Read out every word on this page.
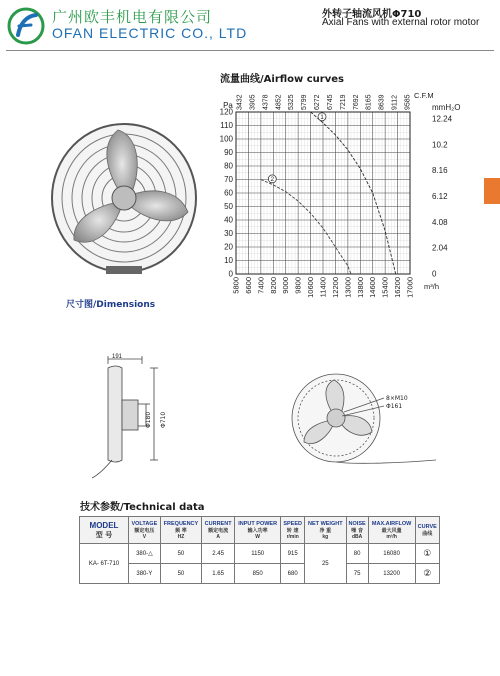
广州欧丰机电有限公司
OFAN ELECTRIC CO., LTD
外转子轴流风机Φ710
Axial Fans with external rotor motor
流量曲线/Airflow curves
120
110
100
90
80
70
60
50
40
30
20
10
0
Pa 3432 3905 4378 4852 5325 5799 6272 6745 7219 7692 8165 8639 9112 9585 C.F.M
5800 6600 7400 8200 9000 9800 10600 11400 12200 13000 13800 14600 15400 16200 17000 m³/h
12.24
10.2
8.16
6.12
4.08
2.04
0
mmH₂O
1
2
尺寸图/Dimensions
191
Φ180 Φ710
8×M10
Φ161
技术参数/Technical data
MODEL
型 号	VOLTAGE
额定电压
V	FREQUENCY
频 率
HZ	CURRENT
额定电流
A	INPUT POWER
输入功率
W	SPEED
转 速
r/min	NET WEIGHT
净 重
kg	NOISE
噪 音
dBA	MAX.AIRFLOW
最大风量
m³/h	CURVE
曲线

KA- 6T-710	380-△	50	2.45	1150	915	25	80	16080	①
	380-Y	50	1.65	850	680		75	13200	②
